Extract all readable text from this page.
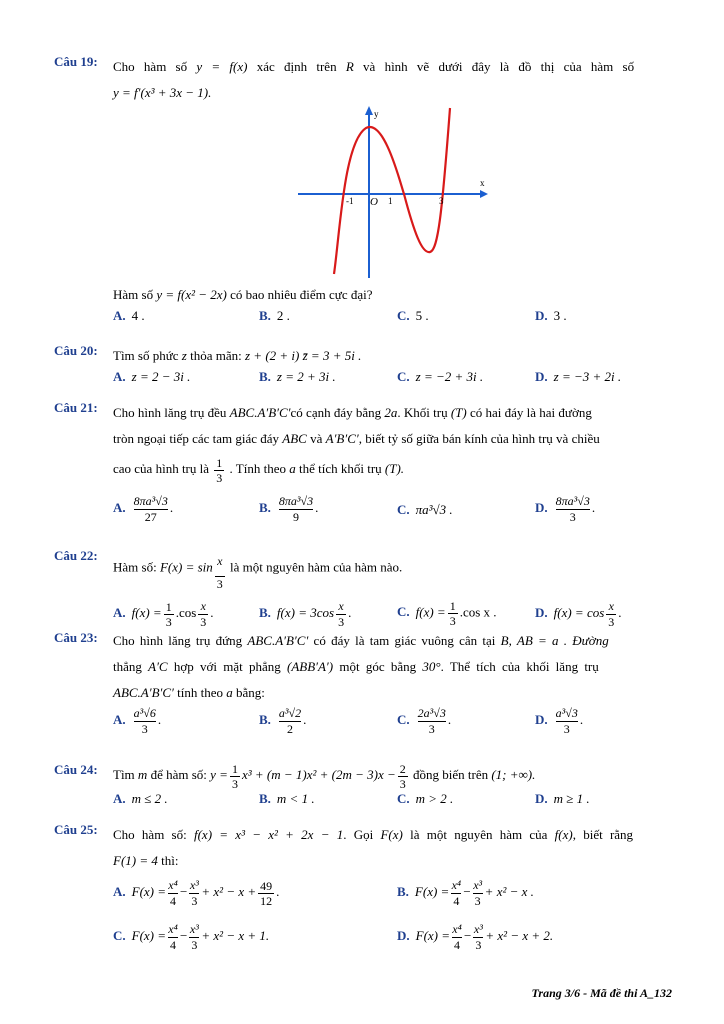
Câu 19: Cho hàm số y = f(x) xác định trên R và hình vẽ dưới đây là đồ thị của hàm số
y = f′(x³ + 3x − 1).
y
x
-1 O 1	3
Hàm số y = f(x² − 2x) có bao nhiêu điểm cực đại?
A. 4 .	B. 2 .	C. 5 .	D. 3 .
Câu 20: Tìm số phức z thỏa mãn: z + (2 + i) z̄ = 3 + 5i .
A. z = 2 − 3i .	B. z = 2 + 3i .	C. z = −2 + 3i .	D. z = −3 + 2i .
Câu 21: Cho hình lăng trụ đều ABC.A′B′C′có cạnh đáy bằng 2a. Khối trụ (T) có hai đáy là hai đường
tròn ngoại tiếp các tam giác đáy ABC và A′B′C′, biết tỷ số giữa bán kính của hình trụ và chiều
cao của hình trụ là $\frac{1}{3}$ . Tính theo a thể tích khối trụ (T).
A. $\frac{\text{8πa³√3}}{27}$ .	B. $\frac{\text{8πa³√3}}{9}$ .	C. πa³√3 .	D. $\frac{\text{8πa³√3}}{3}$ .
Câu 22:
Hàm số: $F(x) = \sin \frac{x}{3}$ là một nguyên hàm của hàm nào.
A. $f(x) = \frac{1}{3} .\cos \frac{x}{3}$ .	B. $f(x) = 3\cos \frac{x}{3}$ .	C. $f(x) = \frac{1}{3} .\cos$ x .	D. $f(x) = \cos \frac{x}{3}$ .
Câu 23: Cho hình lăng trụ đứng ABC.A′B′C′ có đáy là tam giác vuông cân tại B, AB = a . Đường
thẳng A′C hợp với mặt phẳng (ABB′A′) một góc bằng 30°. Thể tích của khối lăng trụ
ABC.A′B′C′ tính theo a bằng:
A. $\frac{\text{a³√6}}{3}$ .	B. $\frac{\text{a³√2}}{2}$ .	C. $\frac{\text{2a³√3}}{3}$ .	D. $\frac{\text{a³√3}}{3}$ .
Câu 24: Tìm m để hàm số: $y = \frac{1}{3} x^3 + (m - 1)x^2 + (2m - 3)x - \frac{2}{3}$ đồng biến trên (1; +∞).
A. m ≤ 2 .	B. m < 1 .	C. m > 2 .	D. m ≥ 1 .
Câu 25: Cho hàm số: f(x) = x³ − x² + 2x − 1. Gọi F(x) là một nguyên hàm của f(x), biết rằng
F(1) = 4 thì:
A. $F(x) = \frac{\text{x⁴}}{4} - \frac{\text{x³}}{3} + x^2 - x + \frac{49}{12}$ .	B. $F(x) = \frac{\text{x⁴}}{4} - \frac{\text{x³}}{3} + x^2 - x$ .
C. $F(x) = \frac{\text{x⁴}}{4} - \frac{\text{x³}}{3} + x^2 - x + 1$.	D. $F(x) = \frac{\text{x⁴}}{4} - \frac{\text{x³}}{3} + x^2 - x + 2$.
Trang 3/6 - Mã đề thi A_132
